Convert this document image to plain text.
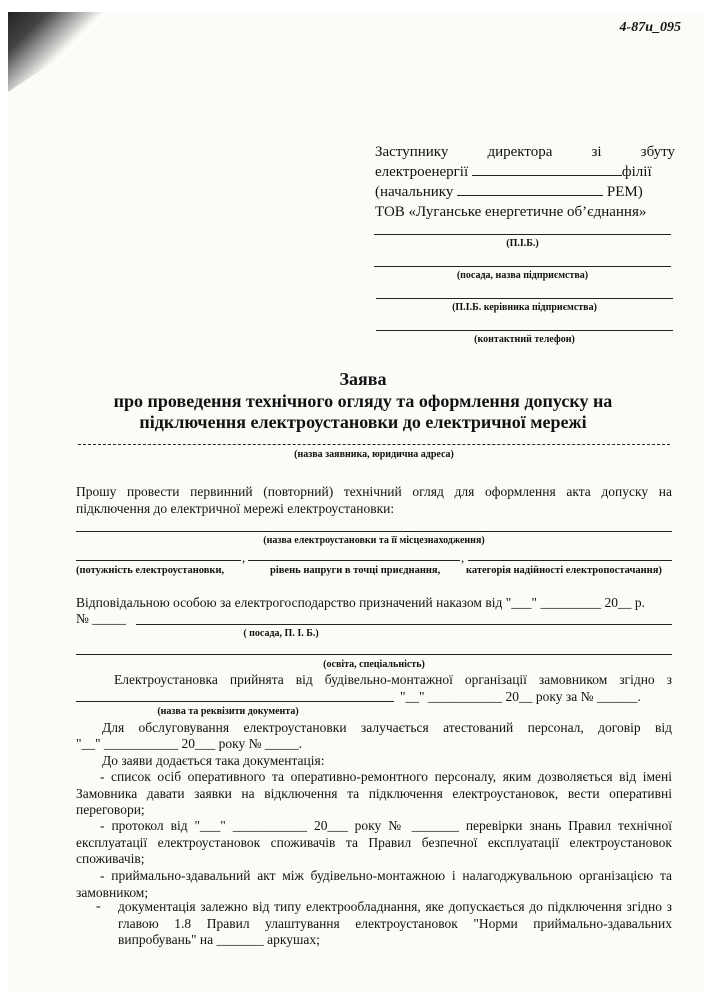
4-87и_095
Заступнику директора зі збуту
електроенергії	філії
(начальнику	РЕМ)
ТОВ «Луганське енергетичне об’єднання»
(П.І.Б.)
(посада, назва підприємства)
(П.І.Б. керівника підприємства)
(контактний телефон)
Заява
про проведення технічного огляду та оформлення допуску на
підключення електроустановки до електричної мережі
(назва заявника, юридична адреса)
Прошу провести первинний (повторний) технічний огляд для оформлення акта допуску на підключення до електричної мережі електроустановки:
(назва електроустановки та її місцезнаходження)
,	,
(потужність електроустановки,	рівень напруги в точці приєднання, категорія надійності електропостачання)
Відповідальною особою за електрогосподарство призначений наказом від "___" _________ 20__ р.
№ _____
( посада, П. І. Б.)
(освіта, спеціальність)
Електроустановка прийнята від будівельно-монтажної організації замовником згідно з
"__" ___________ 20__ року за № ______.
(назва та реквізити документа)
Для обслуговування електроустановки залучається атестований персонал, договір від
"__" ___________ 20___ року № _____.
До заяви додається така документація:
- список осіб оперативного та оперативно-ремонтного персоналу, яким дозволяється від імені Замовника давати заявки на відключення та підключення електроустановок, вести оперативні переговори;
- протокол від "___" ___________ 20___ року № _______ перевірки знань Правил технічної експлуатації електроустановок споживачів та Правил безпечної експлуатації електроустановок споживачів;
- приймально-здавальний акт між будівельно-монтажною і налагоджувальною організацією та замовником;
- документація залежно від типу електрообладнання, яке допускається до підключення згідно з главою 1.8 Правил улаштування електроустановок "Норми приймально-здавальних випробувань" на _______ аркушах;
